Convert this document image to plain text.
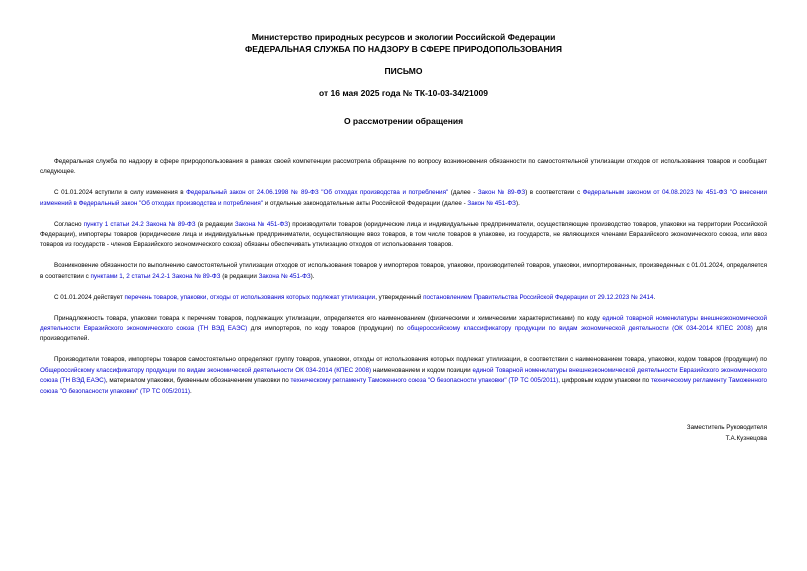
Министерство природных ресурсов и экологии Российской Федерации
ФЕДЕРАЛЬНАЯ СЛУЖБА ПО НАДЗОРУ В СФЕРЕ ПРИРОДОПОЛЬЗОВАНИЯ
ПИСЬМО
от 16 мая 2025 года № ТК-10-03-34/21009
О рассмотрении обращения

Федеральная служба по надзору в сфере природопользования в рамках своей компетенции рассмотрела обращение по вопросу возникновения обязанности по самостоятельной утилизации отходов от использования товаров и сообщает следующее.

С 01.01.2024 вступили в силу изменения в Федеральный закон от 24.06.1998 № 89-ФЗ "Об отходах производства и потребления" (далее - Закон № 89-ФЗ) в соответствии с Федеральным законом от 04.08.2023 № 451-ФЗ "О внесении изменений в Федеральный закон "Об отходах производства и потребления" и отдельные законодательные акты Российской Федерации (далее - Закон № 451-ФЗ).

Согласно пункту 1 статьи 24.2 Закона № 89-ФЗ (в редакции Закона № 451-ФЗ) производители товаров (юридические лица и индивидуальные предприниматели, осуществляющие производство товаров, упаковки на территории Российской Федерации), импортеры товаров (юридические лица и индивидуальные предприниматели, осуществляющие ввоз товаров, в том числе товаров в упаковке, из государств, не являющихся членами Евразийского экономического союза, или ввоз товаров из государств - членов Евразийского экономического союза) обязаны обеспечивать утилизацию отходов от использования товаров.

Возникновение обязанности по выполнению самостоятельной утилизации отходов от использования товаров у импортеров товаров, упаковки, производителей товаров, упаковки, импортированных, произведенных с 01.01.2024, определяется в соответствии с пунктами 1, 2 статьи 24.2-1 Закона № 89-ФЗ (в редакции Закона № 451-ФЗ).

С 01.01.2024 действует перечень товаров, упаковки, отходы от использования которых подлежат утилизации, утвержденный постановлением Правительства Российской Федерации от 29.12.2023 № 2414.

Принадлежность товара, упаковки товара к перечням товаров, подлежащих утилизации, определяется его наименованием (физическими и химическими характеристиками) по коду единой товарной номенклатуры внешнеэкономической деятельности Евразийского экономического союза (ТН ВЭД ЕАЭС) для импортеров, по коду товаров (продукции) по общероссийскому классификатору продукции по видам экономической деятельности (ОК 034-2014 КПЕС 2008) для производителей.

Производители товаров, импортеры товаров самостоятельно определяют группу товаров, упаковки, отходы от использования которых подлежат утилизации, в соответствии с наименованием товара, упаковки, кодом товаров (продукции) по Общероссийскому классификатору продукции по видам экономической деятельности ОК 034-2014 (КПЕС 2008) наименованием и кодом позиции единой Товарной номенклатуры внешнеэкономической деятельности Евразийского экономического союза (ТН ВЭД ЕАЭС), материалом упаковки, буквенным обозначением упаковки по техническому регламенту Таможенного союза "О безопасности упаковки" (ТР ТС 005/2011), цифровым кодом упаковки по техническому регламенту Таможенного союза "О безопасности упаковки" (ТР ТС 005/2011).

Заместитель Руководителя
Т.А.Кузнецова
